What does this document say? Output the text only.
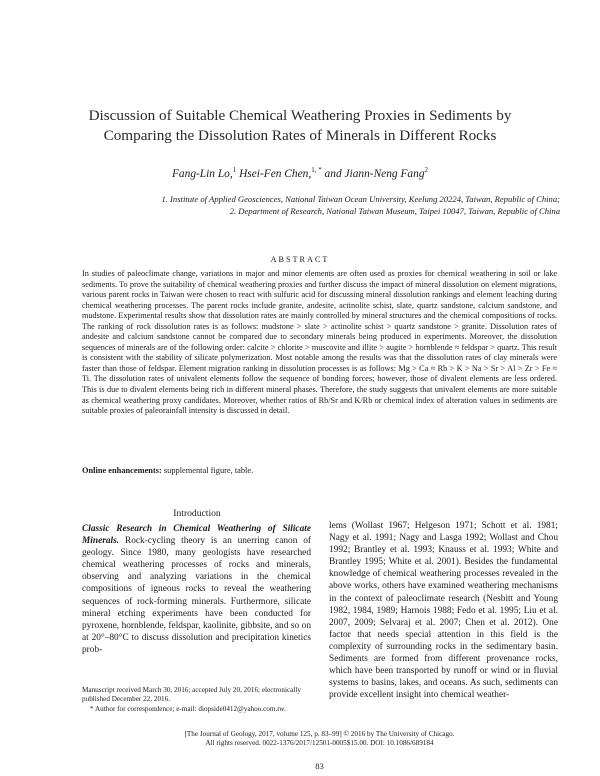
Discussion of Suitable Chemical Weathering Proxies in Sediments by
Comparing the Dissolution Rates of Minerals in Different Rocks
Fang-Lin Lo,$^1$ Hsei-Fen Chen,$^{1, *}$ and Jiann-Neng Fang$^2$
1. Institute of Applied Geosciences, National Taiwan Ocean University, Keelung 20224, Taiwan, Republic of China;
2. Department of Research, National Taiwan Museum, Taipei 10047, Taiwan, Republic of China
ABSTRACT
In studies of paleoclimate change, variations in major and minor elements are often used as proxies for chemical weathering in soil or lake sediments. To prove the suitability of chemical weathering proxies and further discuss the impact of mineral dissolution on element migrations, various parent rocks in Taiwan were chosen to react with sulfuric acid for discussing mineral dissolution rankings and element leaching during chemical weathering processes. The parent rocks include granite, andesite, actinolite schist, slate, quartz sandstone, calcium sandstone, and mudstone. Experimental results show that dissolution rates are mainly controlled by mineral structures and the chemical compositions of rocks. The ranking of rock dissolution rates is as follows: mudstone > slate > actinolite schist > quartz sandstone > granite. Dissolution rates of andesite and calcium sandstone cannot be compared due to secondary minerals being produced in experiments. Moreover, the dissolution sequences of minerals are of the following order: calcite > chlorite > muscovite and illite > augite > hornblende ≈ feldspar > quartz. This result is consistent with the stability of silicate polymerization. Most notable among the results was that the dissolution rates of clay minerals were faster than those of feldspar. Element migration ranking in dissolution processes is as follows: Mg > Ca ≈ Rb > K > Na > Sr > Al > Zr > Fe ≈ Ti. The dissolution rates of univalent elements follow the sequence of bonding forces; however, those of divalent elements are less ordered. This is due to divalent elements being rich in different mineral phases. Therefore, the study suggests that univalent elements are more suitable as chemical weathering proxy candidates. Moreover, whether ratios of Rb/Sr and K/Rb or chemical index of alteration values in sediments are suitable proxies of paleorainfall intensity is discussed in detail.
Online enhancements: supplemental figure, table.
Introduction
Classic Research in Chemical Weathering of Silicate Minerals. Rock-cycling theory is an unerring canon of geology. Since 1980, many geologists have researched chemical weathering processes of rocks and minerals, observing and analyzing variations in the chemical compositions of igneous rocks to reveal the weathering sequences of rock-forming minerals. Furthermore, silicate mineral etching experiments have been conducted for pyroxene, hornblende, feldspar, kaolinite, gibbsite, and so on at 20°–80°C to discuss dissolution and precipitation kinetics prob-
lems (Wollast 1967; Helgeson 1971; Schott et al. 1981; Nagy et al. 1991; Nagy and Lasga 1992; Wollast and Chou 1992; Brantley et al. 1993; Knauss et al. 1993; White and Brantley 1995; White et al. 2001). Besides the fundamental knowledge of chemical weathering processes revealed in the above works, others have examined weathering mechanisms in the context of paleoclimate research (Nesbitt and Young 1982, 1984, 1989; Harnois 1988; Fedo et al. 1995; Liu et al. 2007, 2009; Selvaraj et al. 2007; Chen et al. 2012). One factor that needs special attention in this field is the complexity of surrounding rocks in the sedimentary basin. Sediments are formed from different provenance rocks, which have been transported by runoff or wind or in fluvial systems to basins, lakes, and oceans. As such, sediments can provide excellent insight into chemical weather-
Manuscript received March 30, 2016; accepted July 20, 2016; electronically published December 22, 2016.
* Author for correspondence; e-mail: diopside0412@yahoo.com.tw.
[The Journal of Geology, 2017, volume 125, p. 83–99] © 2016 by The University of Chicago.
All rights reserved. 0022-1376/2017/12501-0005$15.00. DOI: 10.1086/689184
83
